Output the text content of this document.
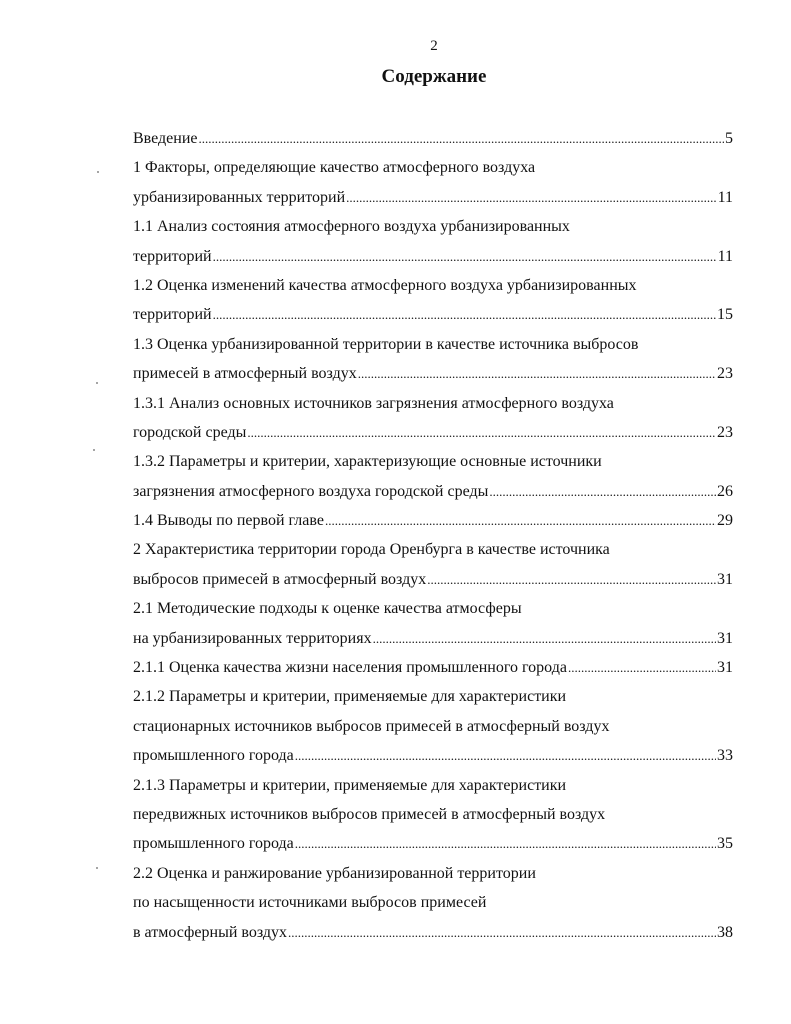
2
Содержание
Введение .....	5
1 Факторы, определяющие качество атмосферного воздуха
урбанизированных территорий .....	11
1.1 Анализ состояния атмосферного воздуха урбанизированных
территорий .....	11
1.2 Оценка изменений качества атмосферного воздуха урбанизированных
территорий .....	15
1.3 Оценка урбанизированной территории в качестве источника выбросов
примесей в атмосферный воздух .....	23
1.3.1 Анализ основных источников загрязнения атмосферного воздуха
городской среды .....	23
1.3.2 Параметры и критерии, характеризующие основные источники
загрязнения атмосферного воздуха городской среды .....	26
1.4 Выводы по первой главе .....	29
2 Характеристика территории города Оренбурга в качестве источника
выбросов примесей в атмосферный воздух .....	31
2.1 Методические подходы к оценке качества атмосферы
на урбанизированных территориях .....	31
2.1.1 Оценка качества жизни населения промышленного города .....	31
2.1.2 Параметры и критерии, применяемые для характеристики
стационарных источников выбросов примесей в атмосферный воздух
промышленного города .....	33
2.1.3 Параметры и критерии, применяемые для характеристики
передвижных источников выбросов примесей в атмосферный воздух
промышленного города .....	35
2.2 Оценка и ранжирование урбанизированной территории
по насыщенности источниками выбросов примесей
в атмосферный воздух .....	38
